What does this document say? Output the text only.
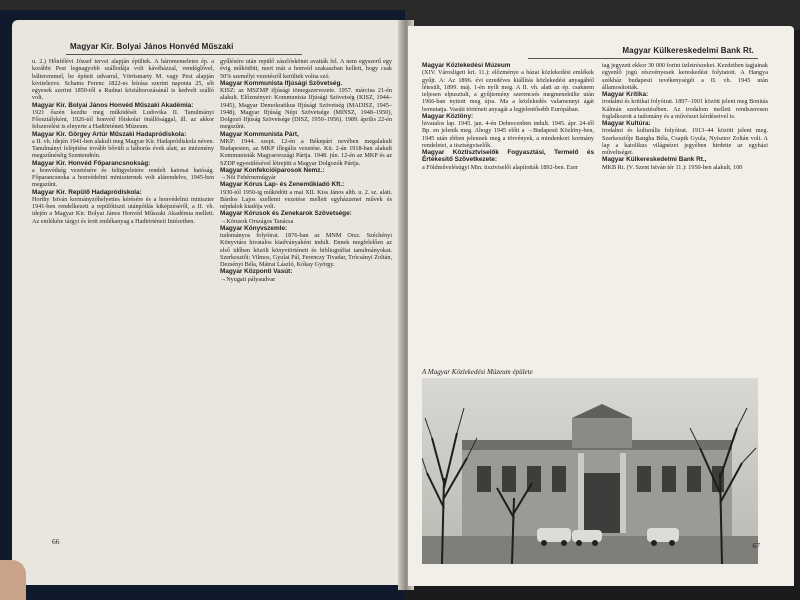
Magyar Kir. Bolyai János Honvéd Műszaki

u. 2.) Hőnfélévi József tervei alapján épültek. A háromemeletes ép. a korábbi Pest legnagyobb szállodája volt kávéházzal, vendéglővel, bálteremmel, be épített udvarral, Vörösmarty M. vagy Pest alapján kivitelezve. Schams Ferenc 1822-es leírása szerint naponta 25, sőt egyesek szerint 1850-től a Rudnai köztáborozásánál is kedvelt szálló volt.

Magyar Kir. Bolyai János Honvéd Műszaki Akadémia:

1921 őszén kezdte meg működését Ludovika II. Tanulmányi Főosztályként, 1926-tól honvéd főiskolai önállósággal, ill. az akkor felszerelést is elnyerte a Hadtörténeti Múzeum.

Magyar Kir. Görgey Artúr Műszaki Hadapródiskola:

a II. vh. idején 1941-ben alakult meg Magyar Kir. Hadapródiskola néven. Tanulmányi felépítése tovább bővült a háborús évek alatt, az intézmény megszűnéséig Szentendrén.

Magyar Kir. Honvéd Főparancsnokság:

a honvédség vezetésére és felügyeletére rendelt katonai hatóság. Főparancsnoka a honvédelmi miniszternek volt alárendelve, 1945-ben megszűnt.

Magyar Kir. Repülő Hadapródiskola:

Horthy István kormányzóhelyettes kérésére és a honvédelmi miniszter 1941-ben rendelkezett a repülőtiszti utánpótlás kiképzéséről, a II. vh. idején a Magyar Kir. Bolyai János Honvéd Műszaki Akadémia mellett. Az emlékére tárgyi és írott emlékanyag a Hadtörténeti Intézetben.

gyűlésére után repülő zászlóskönet avatták fel. A nem egyszerű egy évig működött, mert mát a honvéd szakaszban kellett, hogy csak 50% személyi vezetésről kerültek volna szó.

Magyar Kommunista Ifjúsági Szövetség.

KISZ: az MSZMP ifjúsági tömegszervezete. 1957. március 21-én alakult. Előzményei: Kommunista Ifjúsági Szövetség (KISZ, 1944–1945), Magyar Demokratikus Ifjúsági Szövetség (MADISZ, 1945–1948), Magyar Ifjúság Népi Szövetsége (MINSZ, 1948–1950), Dolgozó Ifjúság Szövetsége (DISZ, 1950–1956). 1989. április 22-én megszűnt.

Magyar Kommunista Párt,

MKP: 1944. szept. 12-én a Békepárt nevében megalakult Budapesten, az MKP illegális vezetése. Kü. 2-án 1918-ban alakult Kommunisták Magyarországi Pártja. 1948. jún. 12-én az MKP és az SZDP egyesülésével létrejött a Magyar Dolgozók Pártja.

Magyar Konfekcióiparosok Nemz.:

→Női Fehérneműgyár

Magyar Kórus Lap- és Zeneműkiadó Kft.:

1930-tól 1950-ig működött a mai XII. Kiss János altb. u. 2. sz. alatt. Bárdos Lajos szellemi vezetése mellett egyházzenei művek és népdalok kiadója volt.

Magyar Kórusok és Zenekarok Szövetsége:

→Kórusok Országos Tanácsa

Magyar Könyvszemle:

tudományos folyóirat. 1876-ban az MNM Orsz. Széchényi Könyvtára hivatalos kiadványaként indult. Ennek megfelelően az első időben közölt könyvtörténeti és bibliográfiai tanulmányokat. Szerkesztői: Vilmos, Gyulai Pál, Ferenczy Tivadar, Trócsányi Zoltán, Dezsényi Béla, Mátrai László, Kókay György.

Magyar Központi Vasút:

→Nyugati pályaudvar

66
Magyar Külkereskedelmi Bank Rt.
Magyar Közlekedési Múzeum

(XIV. Városligeti krt. 11.): előzménye a bázai közlekedési emlékek gyűjt. A: Az 1896. évi ezredéves kiállítás közlekedési anyagából létesült, 1899. máj. 1-én nyílt meg. A II. vh. alatt az ép. csaknem teljesen elpusztult, a gyűjtemény szerencsés megmenekülte után 1966-ban nyitott meg újra. Ma a közlekedés valamennyi ágát bemutatja. Vasúti történeti anyagát a legjelentősebb Európában.

Magyar Közlöny:

hivatalos lap. 1945. jan. 4-én Debrecenben indult. 1945. ápr. 24-től Bp. en jelenik meg. Ahogy 1945 előtt a →Budapesti Közlöny-ben, 1945 után ebben jelennek meg a törvények, a mindenkori kormány rendeletei, a tisztségviselők.

Magyar Köztisztviselők Fogyasztási, Termelő és Értékesítő Szövetkezete:

a Földművelésügyi Min. tisztviselői alapították 1892-ben. Ezer

tag jegyzett ekkor 30 000 forint üzletrészeket. Kezdetben tagjainak egyenlő jogú részvényesek kereskedést folytatott. A Hangya székház budapesti tevékenységét a II. vh. 1945 után államosították.

Magyar Kritika:

irodalmi és kritikai folyóirat. 1897–1901 között jelent meg Bonitás Kálmán szerkesztésében. Az irodalom mellett rendszeresen foglalkozott a tudomány és a művészet kérdéseivel is.

Magyar Kultúra:

irodalmi és kulturális folyóirat. 1913–44 között jelent meg. Szerkesztője Bangha Béla, Csapik Gyula, Nyisztor Zoltán volt. A lap a katolikus világnézet jegyében hirdette az egyházi műveltséget.

Magyar Külkereskedelmi Bank Rt.,

MKB Rt. (V. Szent István tér 11.): 1950-ben alakult, 100

A Magyar Közlekedési Múzeum épülete
67
